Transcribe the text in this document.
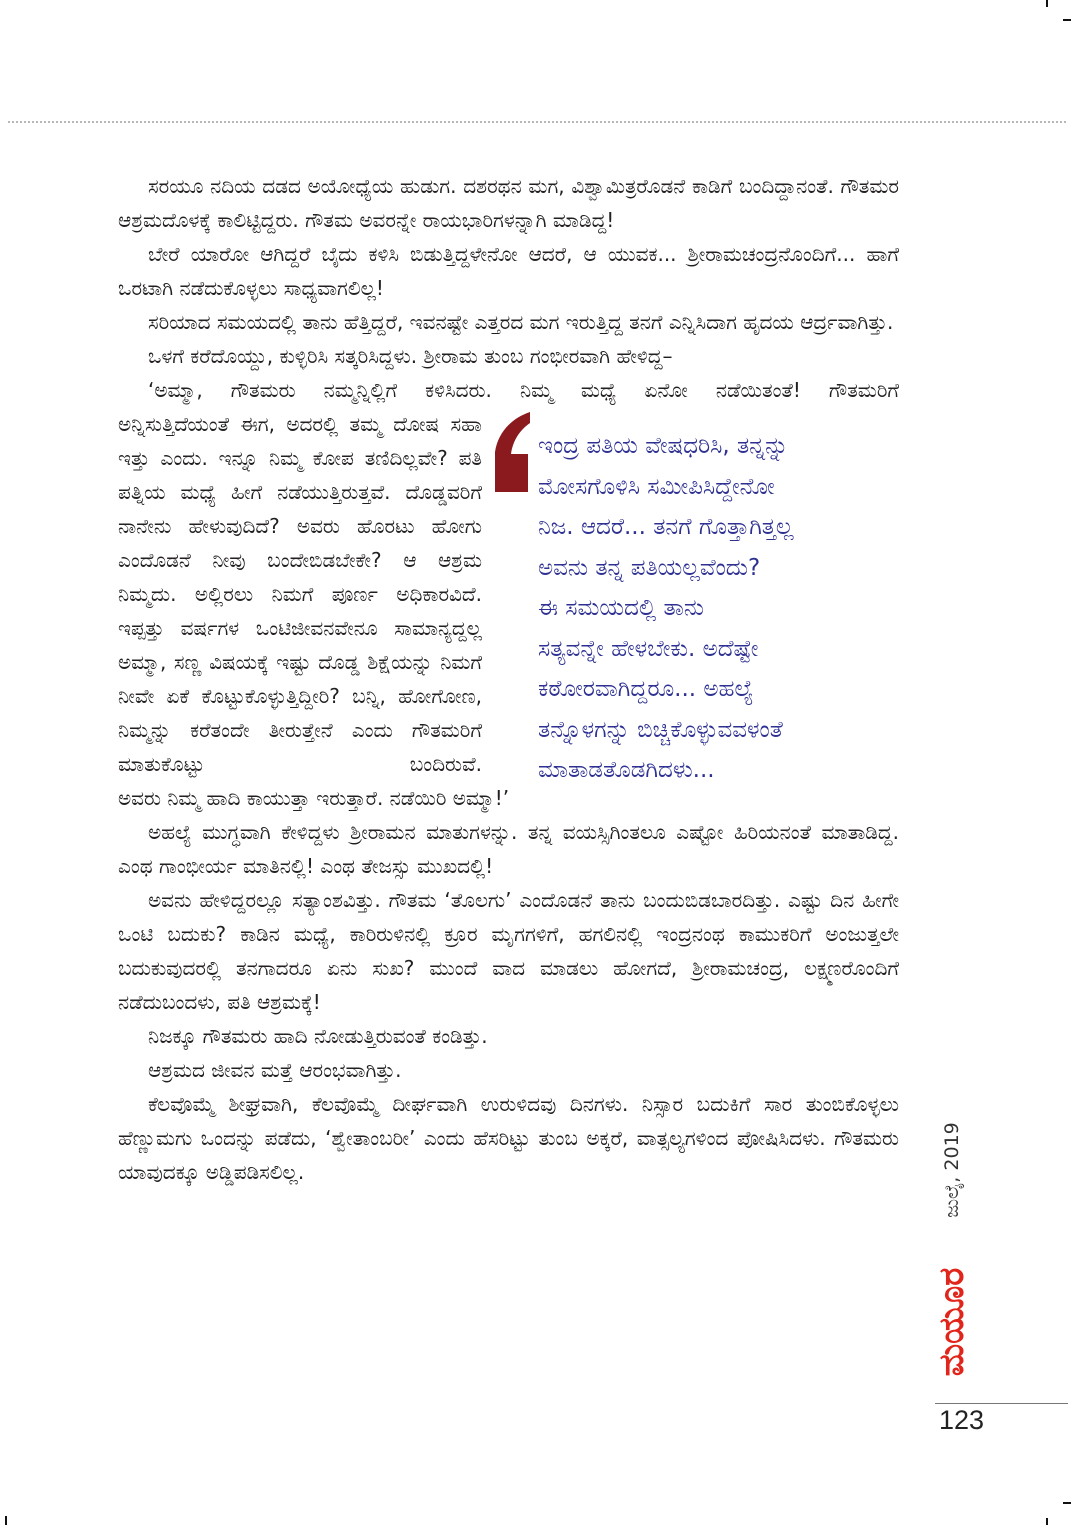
ಸರಯೂ ನದಿಯ ದಡದ ಅಯೋಧ್ಯೆಯ ಹುಡುಗ. ದಶರಥನ ಮಗ, ವಿಶ್ವಾಮಿತ್ರರೊಡನೆ ಕಾಡಿಗೆ ಬಂದಿದ್ದಾನಂತೆ. ಗೌತಮರ ಆಶ್ರಮದೊಳಕ್ಕೆ ಕಾಲಿಟ್ಟಿದ್ದರು. ಗೌತಮ ಅವರನ್ನೇ ರಾಯಭಾರಿಗಳನ್ನಾಗಿ ಮಾಡಿದ್ದ!

ಬೇರೆ ಯಾರೋ ಆಗಿದ್ದರೆ ಬೈದು ಕಳಿಸಿ ಬಿಡುತ್ತಿದ್ದಳೇನೋ ಆದರೆ, ಆ ಯುವಕ... ಶ್ರೀರಾಮಚಂದ್ರನೊಂದಿಗೆ... ಹಾಗೆ ಒರಟಾಗಿ ನಡೆದುಕೊಳ್ಳಲು ಸಾಧ್ಯವಾಗಲಿಲ್ಲ!

ಸರಿಯಾದ ಸಮಯದಲ್ಲಿ ತಾನು ಹೆತ್ತಿದ್ದರೆ, ಇವನಷ್ಟೇ ಎತ್ತರದ ಮಗ ಇರುತ್ತಿದ್ದ ತನಗೆ ಎನ್ನಿಸಿದಾಗ ಹೃದಯ ಆರ್ದ್ರವಾಗಿತ್ತು.

ಒಳಗೆ ಕರೆದೊಯ್ದು, ಕುಳ್ಳಿರಿಸಿ ಸತ್ಕರಿಸಿದ್ದಳು. ಶ್ರೀರಾಮ ತುಂಬ ಗಂಭೀರವಾಗಿ ಹೇಳಿದ್ದ–

‘ಅಮ್ಮಾ, ಗೌತಮರು ನಮ್ಮನ್ನಿಲ್ಲಿಗೆ ಕಳಿಸಿದರು. ನಿಮ್ಮ ಮಧ್ಯೆ ಏನೋ ನಡೆಯಿತಂತೆ! ಗೌತಮರಿಗೆ

ಅನ್ನಿಸುತ್ತಿದೆಯಂತೆ ಈಗ, ಅದರಲ್ಲಿ ತಮ್ಮ ದೋಷ ಸಹಾ ಇತ್ತು ಎಂದು. ಇನ್ನೂ ನಿಮ್ಮ ಕೋಪ ತಣಿದಿಲ್ಲವೇ? ಪತಿ ಪತ್ನಿಯ ಮಧ್ಯೆ ಹೀಗೆ ನಡೆಯುತ್ತಿರುತ್ತವೆ. ದೊಡ್ಡವರಿಗೆ ನಾನೇನು ಹೇಳುವುದಿದೆ? ಅವರು ಹೊರಟು ಹೋಗು ಎಂದೊಡನೆ ನೀವು ಬಂದೇಬಿಡಬೇಕೇ? ಆ ಆಶ್ರಮ ನಿಮ್ಮದು. ಅಲ್ಲಿರಲು ನಿಮಗೆ ಪೂರ್ಣ ಅಧಿಕಾರವಿದೆ. ಇಪ್ಪತ್ತು ವರ್ಷಗಳ ಒಂಟಿಜೀವನವೇನೂ ಸಾಮಾನ್ಯದ್ದಲ್ಲ ಅಮ್ಮಾ, ಸಣ್ಣ ವಿಷಯಕ್ಕೆ ಇಷ್ಟು ದೊಡ್ಡ ಶಿಕ್ಷೆಯನ್ನು ನಿಮಗೆ ನೀವೇ ಏಕೆ ಕೊಟ್ಟುಕೊಳ್ಳುತ್ತಿದ್ದೀರಿ? ಬನ್ನಿ, ಹೋಗೋಣ, ನಿಮ್ಮನ್ನು ಕರೆತಂದೇ ತೀರುತ್ತೇನೆ ಎಂದು ಗೌತಮರಿಗೆ ಮಾತುಕೊಟ್ಟು ಬಂದಿರುವೆ.

ಇಂದ್ರ ಪತಿಯ ವೇಷಧರಿಸಿ, ತನ್ನನ್ನು
ಮೋಸಗೊಳಿಸಿ ಸಮೀಪಿಸಿದ್ದೇನೋ
ನಿಜ. ಆದರೆ... ತನಗೆ ಗೊತ್ತಾಗಿತ್ತಲ್ಲ
ಅವನು ತನ್ನ ಪತಿಯಲ್ಲವೆಂದು?
ಈ ಸಮಯದಲ್ಲಿ ತಾನು
ಸತ್ಯವನ್ನೇ ಹೇಳಬೇಕು. ಅದೆಷ್ಟೇ
ಕಠೋರವಾಗಿದ್ದರೂ... ಅಹಲ್ಯೆ
ತನ್ನೊಳಗನ್ನು ಬಿಚ್ಚಿಕೊಳ್ಳುವವಳಂತೆ
ಮಾತಾಡತೊಡಗಿದಳು...

ಅವರು ನಿಮ್ಮ ಹಾದಿ ಕಾಯುತ್ತಾ ಇರುತ್ತಾರೆ. ನಡೆಯಿರಿ ಅಮ್ಮಾ!’

ಅಹಲ್ಯೆ ಮುಗ್ಧವಾಗಿ ಕೇಳಿದ್ದಳು ಶ್ರೀರಾಮನ ಮಾತುಗಳನ್ನು. ತನ್ನ ವಯಸ್ಸಿಗಿಂತಲೂ ಎಷ್ಟೋ ಹಿರಿಯನಂತೆ ಮಾತಾಡಿದ್ದ. ಎಂಥ ಗಾಂಭೀರ್ಯ ಮಾತಿನಲ್ಲಿ! ಎಂಥ ತೇಜಸ್ಸು ಮುಖದಲ್ಲಿ!

ಅವನು ಹೇಳಿದ್ದರಲ್ಲೂ ಸತ್ಯಾಂಶವಿತ್ತು. ಗೌತಮ ‘ತೊಲಗು’ ಎಂದೊಡನೆ ತಾನು ಬಂದುಬಿಡಬಾರದಿತ್ತು. ಎಷ್ಟು ದಿನ ಹೀಗೇ ಒಂಟಿ ಬದುಕು? ಕಾಡಿನ ಮಧ್ಯೆ, ಕಾರಿರುಳಿನಲ್ಲಿ ಕ್ರೂರ ಮೃಗಗಳಿಗೆ, ಹಗಲಿನಲ್ಲಿ ಇಂದ್ರನಂಥ ಕಾಮುಕರಿಗೆ ಅಂಜುತ್ತಲೇ ಬದುಕುವುದರಲ್ಲಿ ತನಗಾದರೂ ಏನು ಸುಖ? ಮುಂದೆ ವಾದ ಮಾಡಲು ಹೋಗದೆ, ಶ್ರೀರಾಮಚಂದ್ರ, ಲಕ್ಷ್ಮಣರೊಂದಿಗೆ ನಡೆದುಬಂದಳು, ಪತಿ ಆಶ್ರಮಕ್ಕೆ!

ನಿಜಕ್ಕೂ ಗೌತಮರು ಹಾದಿ ನೋಡುತ್ತಿರುವಂತೆ ಕಂಡಿತ್ತು.

ಆಶ್ರಮದ ಜೀವನ ಮತ್ತೆ ಆರಂಭವಾಗಿತ್ತು.

ಕೆಲವೊಮ್ಮೆ ಶೀಘ್ರವಾಗಿ, ಕೆಲವೊಮ್ಮೆ ದೀರ್ಘವಾಗಿ ಉರುಳಿದವು ದಿನಗಳು. ನಿಸ್ಸಾರ ಬದುಕಿಗೆ ಸಾರ ತುಂಬಿಕೊಳ್ಳಲು ಹೆಣ್ಣುಮಗು ಒಂದನ್ನು ಪಡೆದು, ‘ಶ್ವೇತಾಂಬರೀ’ ಎಂದು ಹೆಸರಿಟ್ಟು ತುಂಬ ಅಕ್ಕರೆ, ವಾತ್ಸಲ್ಯಗಳಿಂದ ಪೋಷಿಸಿದಳು. ಗೌತಮರು ಯಾವುದಕ್ಕೂ ಅಡ್ಡಿಪಡಿಸಲಿಲ್ಲ.	ಜುಲೈ, 2019
ಮಯೂರ
123
